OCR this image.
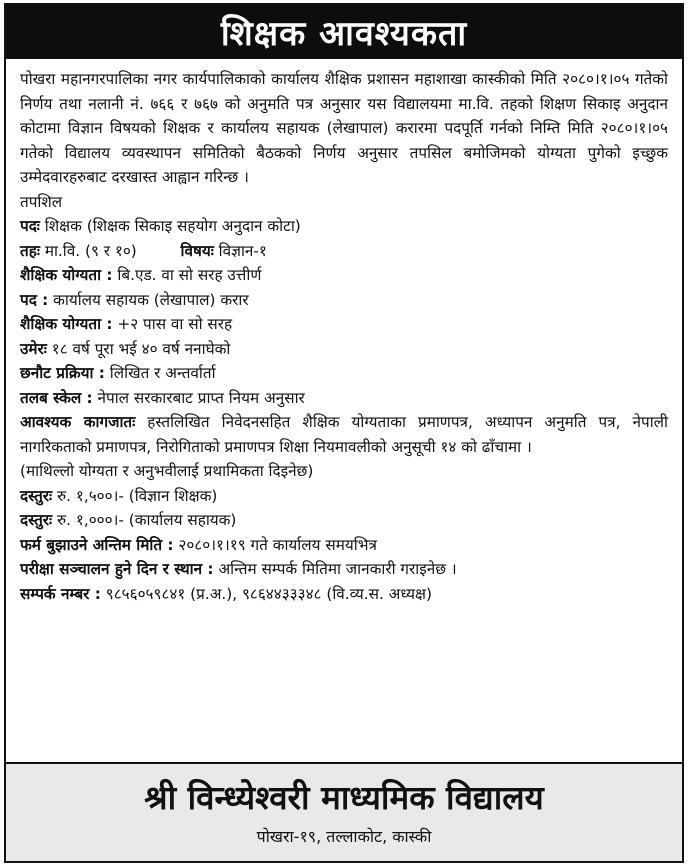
शिक्षक आवश्यकता

पोखरा महानगरपालिका नगर कार्यपालिकाको कार्यालय शैक्षिक प्रशासन महाशाखा कास्कीको मिति २०८०।१।०५ गतेको निर्णय तथा नलानी नं. ७६६ र ७६७ को अनुमति पत्र अनुसार यस विद्यालयमा मा.वि. तहको शिक्षण सिकाइ अनुदान कोटामा विज्ञान विषयको शिक्षक र कार्यालय सहायक (लेखापाल) करारमा पदपूर्ति गर्नको निम्ति मिति २०८०।१।०५ गतेको विद्यालय व्यवस्थापन समितिको बैठकको निर्णय अनुसार तपसिल बमोजिमको योग्यता पुगेको इच्छुक उम्मेदवारहरुबाट दरखास्त आह्वान गरिन्छ ।

तपशिल

पदः शिक्षक (शिक्षक सिकाइ सहयोग अनुदान कोटा)

तहः मा.वि. (९ र १०)	विषयः विज्ञान-१

शैक्षिक योग्यता : बि.एड. वा सो सरह उत्तीर्ण

पद : कार्यालय सहायक (लेखापाल) करार

शैक्षिक योग्यता : +२ पास वा सो सरह

उमेरः १८ वर्ष पूरा भई ४० वर्ष ननाघेको

छनौट प्रक्रिया : लिखित र अन्तर्वार्ता

तलब स्केल : नेपाल सरकारबाट प्राप्त नियम अनुसार

आवश्यक कागजातः हस्तलिखित निवेदनसहित शैक्षिक योग्यताका प्रमाणपत्र, अध्यापन अनुमति पत्र, नेपाली नागरिकताको प्रमाणपत्र, निरोगिताको प्रमाणपत्र शिक्षा नियमावलीको अनुसूची १४ को ढाँचामा ।

(माथिल्लो योग्यता र अनुभवीलाई प्रथामिकता दिइनेछ)

दस्तुरः रु. १,५००।- (विज्ञान शिक्षक)

दस्तुरः रु. १,०००।- (कार्यालय सहायक)

फर्म बुझाउने अन्तिम मिति : २०८०।१।१९ गते कार्यालय समयभित्र

परीक्षा सञ्चालन हुने दिन र स्थान : अन्तिम सम्पर्क मितिमा जानकारी गराइनेछ ।

सम्पर्क नम्बर : ९८५६०५९८४१ (प्र.अ.), ९८६४४३३३४८ (वि.व्य.स. अध्यक्ष)

श्री विन्ध्येश्वरी माध्यमिक विद्यालय
पोखरा-१९, तल्लाकोट, कास्की
